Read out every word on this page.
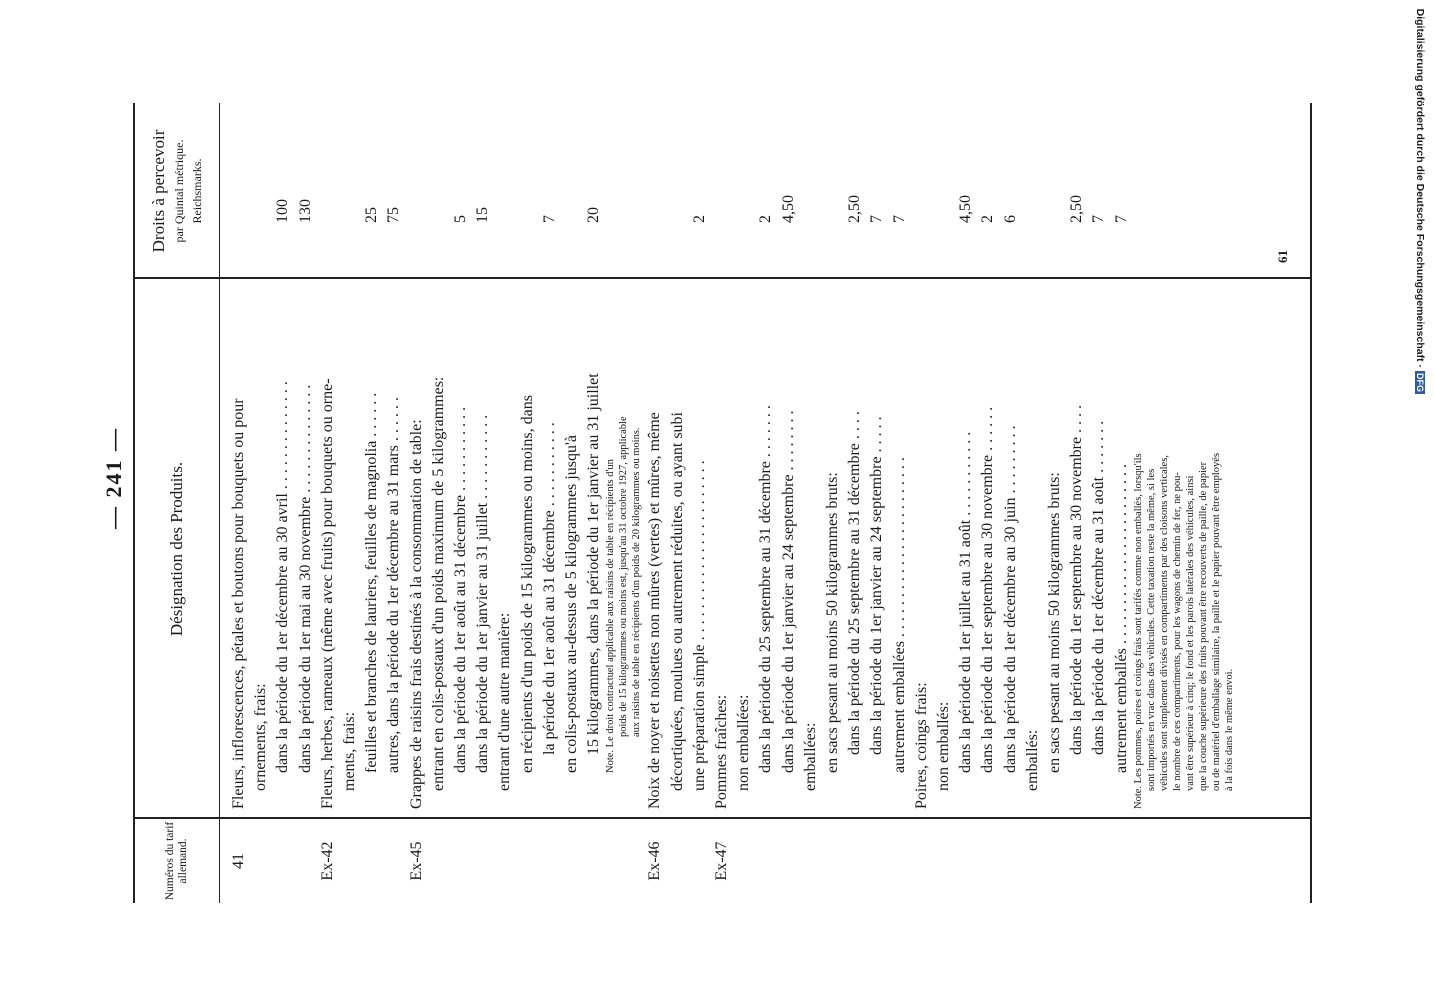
Digitalisierung gefördert durch die Deutsche Forschungsgemeinschaft ·
DFG
— 241 —
Numéros du tarif allemand.
Désignation des Produits.
Droits à percevoir par Quintal métrique. Reichsmarks.
41
Fleurs, inflorescences, pétales et boutons pour bouquets ou pour ornements, frais: dans la période du 1er décembre au 30 avril . . . . . . . . . . . . . .
100
dans la période du 1er mai au 30 novembre . . . . . . . . . . . . . .
130
Ex-42
Fleurs, herbes, rameaux (même avec fruits) pour bouquets ou orne- ments, frais: feuilles et branches de lauriers, feuilles de magnolia . . . . . .
25
autres, dans la période du 1er décembre au 31 mars . . . . . .
75
Ex-45
Grappes de raisins frais destinés à la consommation de table: entrant en colis-postaux d'un poids maximum de 5 kilogrammes: dans la période du 1er août au 31 décembre . . . . . . . . . . .
5
dans la période du 1er janvier au 31 juillet . . . . . . . . . . .
15
entrant d'une autre manière: en récipients d'un poids de 15 kilogrammes ou moins, dans la période du 1er août au 31 décembre . . . . . . . . . . .
7
en colis-postaux au-dessus de 5 kilogrammes jusqu'à 15 kilogrammes, dans la période du 1er janvier au 31 juillet
20
Note. Le droit contractuel applicable aux raisins de table en récipients d'un poids de 15 kilogrammes ou moins est, jusqu'au 31 octobre 1927, applicable aux raisins de table en récipients d'un poids de 20 kilogrammes ou moins.
Ex-46
Noix de noyer et noisettes non mûres (vertes) et mûres, même décortiquées, moulues ou autrement réduites, ou ayant subi une préparation simple . . . . . . . . . . . . . . . . . . . . . . .
2
Ex-47
Pommes fraîches: non emballées: dans la période du 25 septembre au 31 décembre . . . . . . .
2
dans la période du 1er janvier au 24 septembre . . . . . . . .
4,50
emballées: en sacs pesant au moins 50 kilogrammes bruts: dans la période du 25 septembre au 31 décembre . . . .
2,50
dans la période du 1er janvier au 24 septembre . . . . .
7
autrement emballées . . . . . . . . . . . . . . . . . . . . . . .
7
Poires, coings frais: non emballés: dans la période du 1er juillet au 31 août . . . . . . . . . . .
4,50
dans la période du 1er septembre au 30 novembre . . . . . .
2
dans la période du 1er décembre au 30 juin . . . . . . . . .
6
emballés: en sacs pesant au moins 50 kilogrammes bruts: dans la période du 1er septembre au 30 novembre . . . .
2,50
dans la période du 1er décembre au 31 août . . . . . . .
7
autrement emballés . . . . . . . . . . . . . . . . . . . . . . .
7
Note. Les pommes, poires et coings frais sont tarifés comme non emballés, lorsqu'ils sont importés en vrac dans des véhicules. Cette taxation reste la même, si les véhicules sont simplement divisés en compartiments par des cloisons verticales, le nombre de ces compartiments, pour les wagons de chemin de fer, ne pou- vant être supérieur à cinq; le fond et les parois latérales des véhicules, ainsi que la couche supérieure des fruits pouvant être recouverts de paille, de papier ou de matériel d'emballage similaire, la paille et le papier pouvant être employés à la fois dans le même envoi.
61
